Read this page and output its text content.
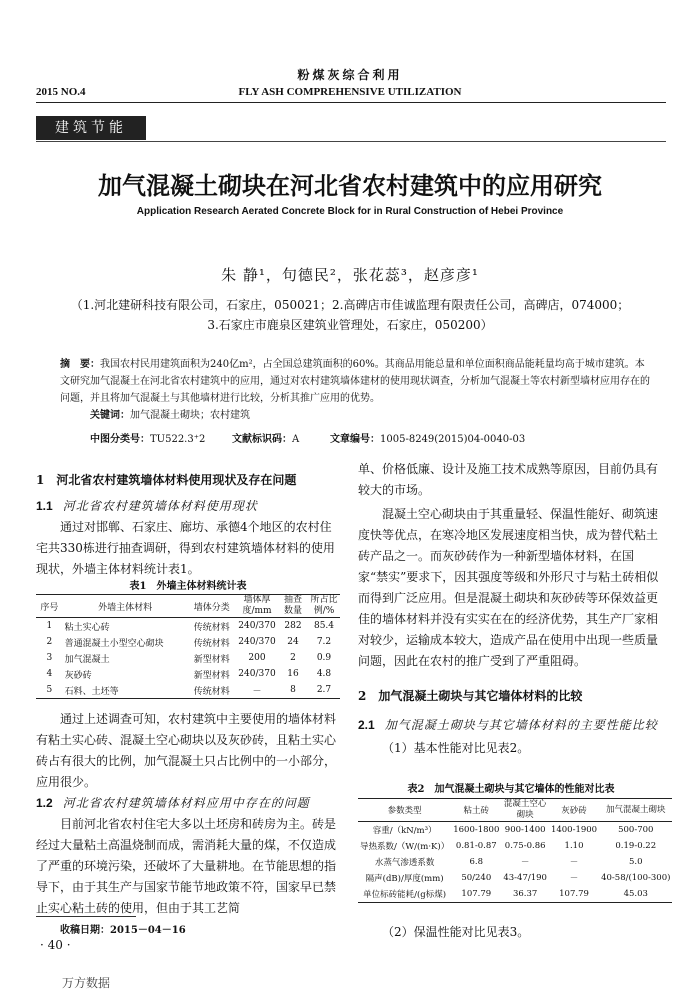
粉煤灰综合利用
2015 NO.4	FLY ASH COMPREHENSIVE UTILIZATION
建筑节能
加气混凝土砌块在河北省农村建筑中的应用研究
Application Research Aerated Concrete Block for in Rural Construction of Hebei Province
朱 静¹，句德民²，张花蕊³，赵彦彦¹
（1.河北建研科技有限公司，石家庄，050021；2.高碑店市佳诚监理有限责任公司，高碑店，074000；
3.石家庄市鹿泉区建筑业管理处，石家庄，050200）
摘　要：我国农村民用建筑面积为240亿m²，占全国总建筑面积的60%。其商品用能总量和单位面积商品能耗量均高于城市建筑。本文研究加气混凝土在河北省农村建筑中的应用，通过对农村建筑墙体建材的使用现状调查，分析加气混凝土等农村新型墙材应用存在的问题，并且将加气混凝土与其他墙材进行比较，分析其推广应用的优势。
关键词：加气混凝土砌块；农村建筑
中图分类号：TU522.3⁺2	文献标识码：A	文章编号：1005-8249(2015)04-0040-03

1　河北省农村建筑墙体材料使用现状及存在问题

1.1 河北省农村建筑墙体材料使用现状

通过对邯郸、石家庄、廊坊、承德4个地区的农村住宅共330栋进行抽查调研，得到农村建筑墙体材料的使用现状，外墙主体材料统计表1。

表1　外墙主体材料统计表
序号	外墙主体材料	墙体分类	墙体厚度/mm	抽查数量	所占比例/%
1	粘土实心砖	传统材料	240/370	282	85.4
2	普通混凝土小型空心砌块	传统材料	240/370	24	7.2
3	加气混凝土	新型材料	200	2	0.9
4	灰砂砖	新型材料	240/370	16	4.8
5	石料、土坯等	传统材料	－	8	2.7

通过上述调查可知，农村建筑中主要使用的墙体材料有粘土实心砖、混凝土空心砌块以及灰砂砖，且粘土实心砖占有很大的比例，加气混凝土只占比例中的一小部分，应用很少。

1.2 河北省农村建筑墙体材料应用中存在的问题

目前河北省农村住宅大多以土坯房和砖房为主。砖是经过大量粘土高温烧制而成，需消耗大量的煤，不仅造成了严重的环境污染，还破坏了大量耕地。在节能思想的指导下，由于其生产与国家节能节地政策不符，国家早已禁止实心粘土砖的使用，但由于其工艺简

单、价格低廉、设计及施工技术成熟等原因，目前仍具有较大的市场。

混凝土空心砌块由于其重量轻、保温性能好、砌筑速度快等优点，在寒冷地区发展速度相当快，成为替代粘土砖产品之一。而灰砂砖作为一种新型墙体材料，在国家“禁实”要求下，因其强度等级和外形尺寸与粘土砖相似而得到广泛应用。但是混凝土砌块和灰砂砖等环保效益更佳的墙体材料并没有实实在在的经济优势，其生产厂家相对较少，运输成本较大，造成产品在使用中出现一些质量问题，因此在农村的推广受到了严重阻碍。

2　加气混凝土砌块与其它墙体材料的比较

2.1 加气混凝土砌块与其它墙体材料的主要性能比较

（1）基本性能对比见表2。

表2　加气混凝土砌块与其它墙体的性能对比表
参数类型	粘土砖	混凝土空心砌块	灰砂砖	加气混凝土砌块
容重/（kN/m³）	1600-1800	900-1400	1400-1900	500-700
导热系数/（W/(m·K)）	0.81-0.87	0.75-0.86	1.10	0.19-0.22
水蒸气渗透系数	6.8	－	－	5.0
隔声(dB)/厚度(mm)	50/240	43-47/190	－	40-58/(100-300)
单位标砖能耗/(g标煤)	107.79	36.37	107.79	45.03

（2）保温性能对比见表3。

收稿日期：2015－04－16
· 40 ·
万方数据
